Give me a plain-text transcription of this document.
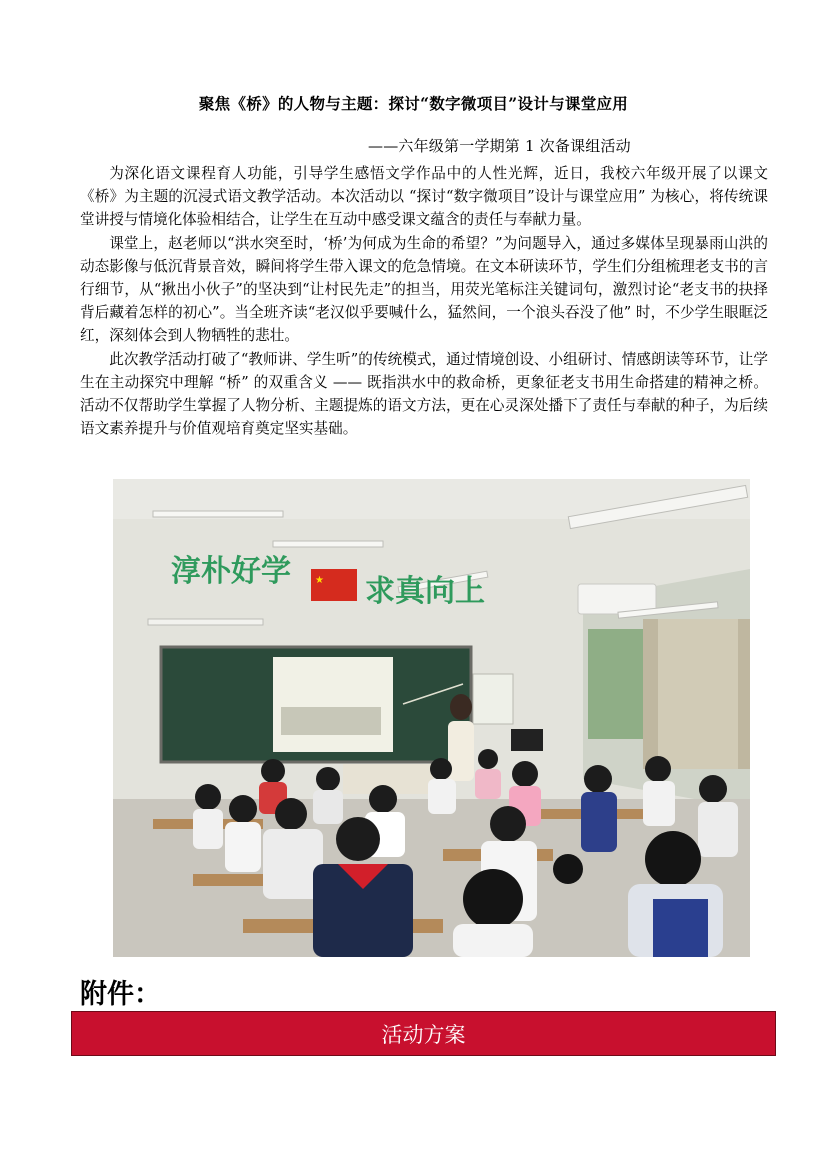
聚焦《桥》的人物与主题：探讨“数字微项目”设计与课堂应用
——六年级第一学期第 1 次备课组活动

为深化语文课程育人功能，引导学生感悟文学作品中的人性光辉，近日，我校六年级开展了以课文《桥》为主题的沉浸式语文教学活动。本次活动以 “探讨“数字微项目”设计与课堂应用” 为核心，将传统课堂讲授与情境化体验相结合，让学生在互动中感受课文蕴含的责任与奉献力量。

课堂上，赵老师以“洪水突至时，‘桥’为何成为生命的希望？”为问题导入，通过多媒体呈现暴雨山洪的动态影像与低沉背景音效，瞬间将学生带入课文的危急情境。在文本研读环节，学生们分组梳理老支书的言行细节，从“揪出小伙子”的坚决到“让村民先走”的担当，用荧光笔标注关键词句，激烈讨论“老支书的抉择背后藏着怎样的初心”。当全班齐读“老汉似乎要喊什么，猛然间，一个浪头吞没了他” 时，不少学生眼眶泛红，深刻体会到人物牺牲的悲壮。

此次教学活动打破了“教师讲、学生听”的传统模式，通过情境创设、小组研讨、情感朗读等环节，让学生在主动探究中理解 “桥” 的双重含义 —— 既指洪水中的救命桥，更象征老支书用生命搭建的精神之桥。活动不仅帮助学生掌握了人物分析、主题提炼的语文方法，更在心灵深处播下了责任与奉献的种子，为后续语文素养提升与价值观培育奠定坚实基础。

淳朴好学 ★ 求真向上
附件：
活动方案
